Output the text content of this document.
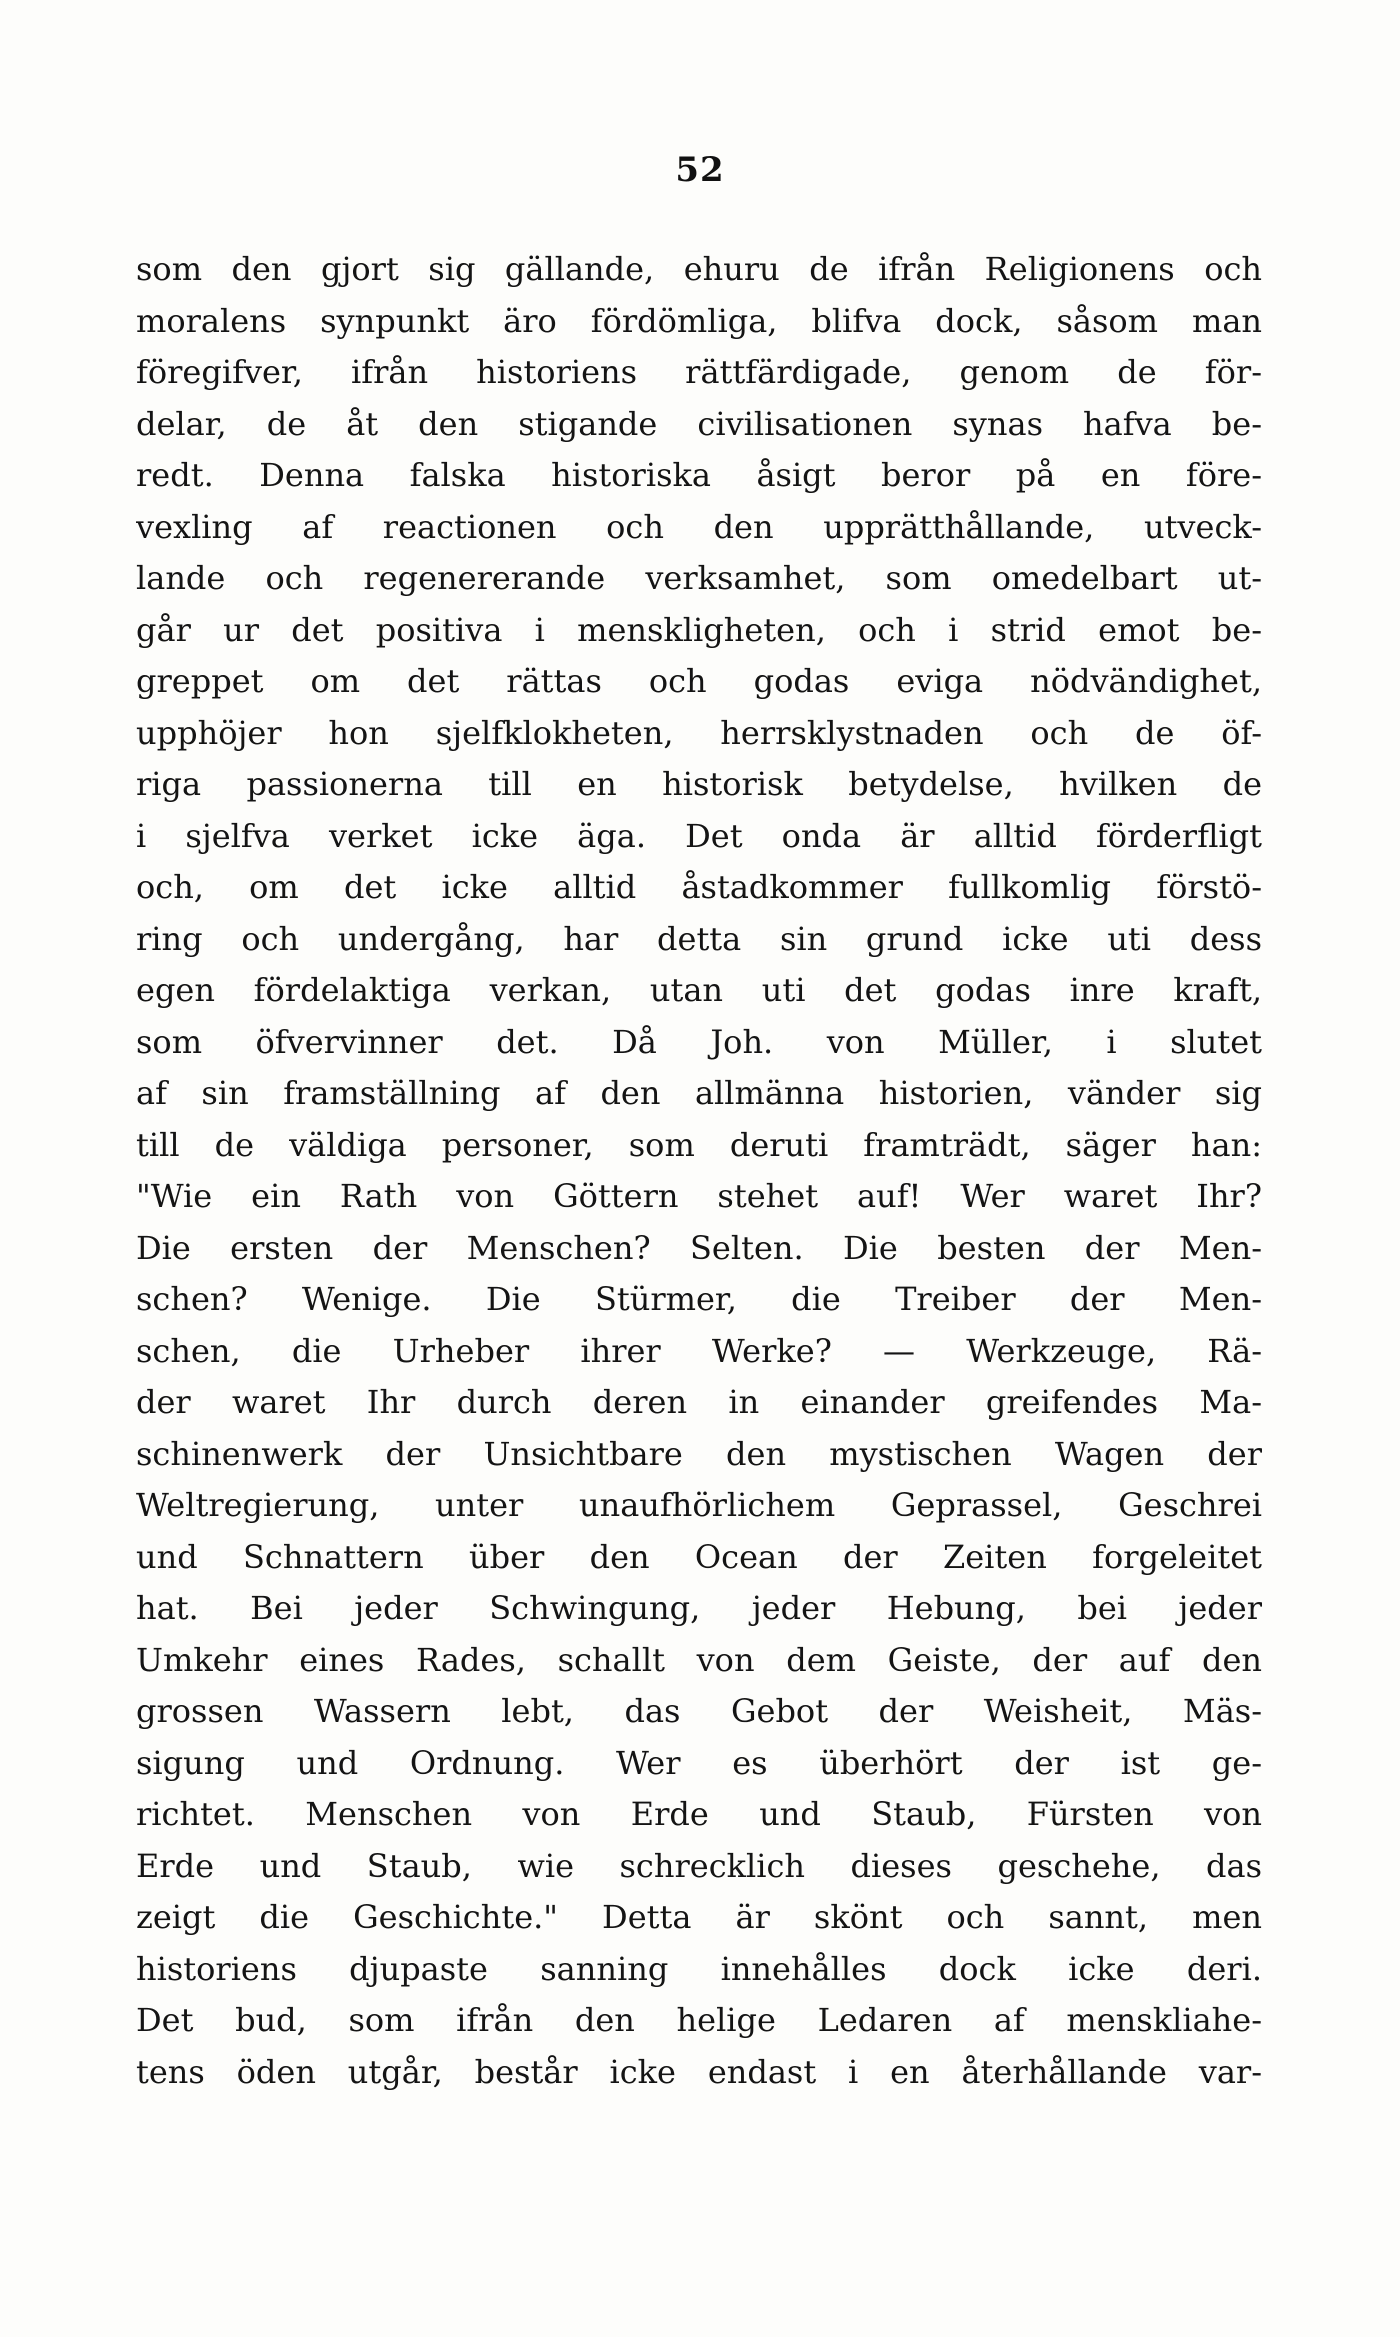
52
som den gjort sig gällande, ehuru de ifrån Religionens och
moralens synpunkt äro fördömliga, blifva dock, såsom man
föregifver, ifrån historiens rättfärdigade, genom de för-
delar, de åt den stigande civilisationen synas hafva be-
redt. Denna falska historiska åsigt beror på en före-
vexling af reactionen och den upprätthållande, utveck-
lande och regenererande verksamhet, som omedelbart ut-
går ur det positiva i menskligheten, och i strid emot be-
greppet om det rättas och godas eviga nödvändighet,
upphöjer hon sjelfklokheten, herrsklystnaden och de öf-
riga passionerna till en historisk betydelse, hvilken de
i sjelfva verket icke äga. Det onda är alltid förderfligt
och, om det icke alltid åstadkommer fullkomlig förstö-
ring och undergång, har detta sin grund icke uti dess
egen fördelaktiga verkan, utan uti det godas inre kraft,
som öfvervinner det. Då Joh. von Müller, i slutet
af sin framställning af den allmänna historien, vänder sig
till de väldiga personer, som deruti framträdt, säger han:
"Wie ein Rath von Göttern stehet auf! Wer waret Ihr?
Die ersten der Menschen? Selten. Die besten der Men-
schen? Wenige. Die Stürmer, die Treiber der Men-
schen, die Urheber ihrer Werke? — Werkzeuge, Rä-
der waret Ihr durch deren in einander greifendes Ma-
schinenwerk der Unsichtbare den mystischen Wagen der
Weltregierung, unter unaufhörlichem Geprassel, Geschrei
und Schnattern über den Ocean der Zeiten forgeleitet
hat. Bei jeder Schwingung, jeder Hebung, bei jeder
Umkehr eines Rades, schallt von dem Geiste, der auf den
grossen Wassern lebt, das Gebot der Weisheit, Mäs-
sigung und Ordnung. Wer es überhört der ist ge-
richtet. Menschen von Erde und Staub, Fürsten von
Erde und Staub, wie schrecklich dieses geschehe, das
zeigt die Geschichte." Detta är skönt och sannt, men
historiens djupaste sanning innehålles dock icke deri.
Det bud, som ifrån den helige Ledaren af menskliahe-
tens öden utgår, består icke endast i en återhållande var-
